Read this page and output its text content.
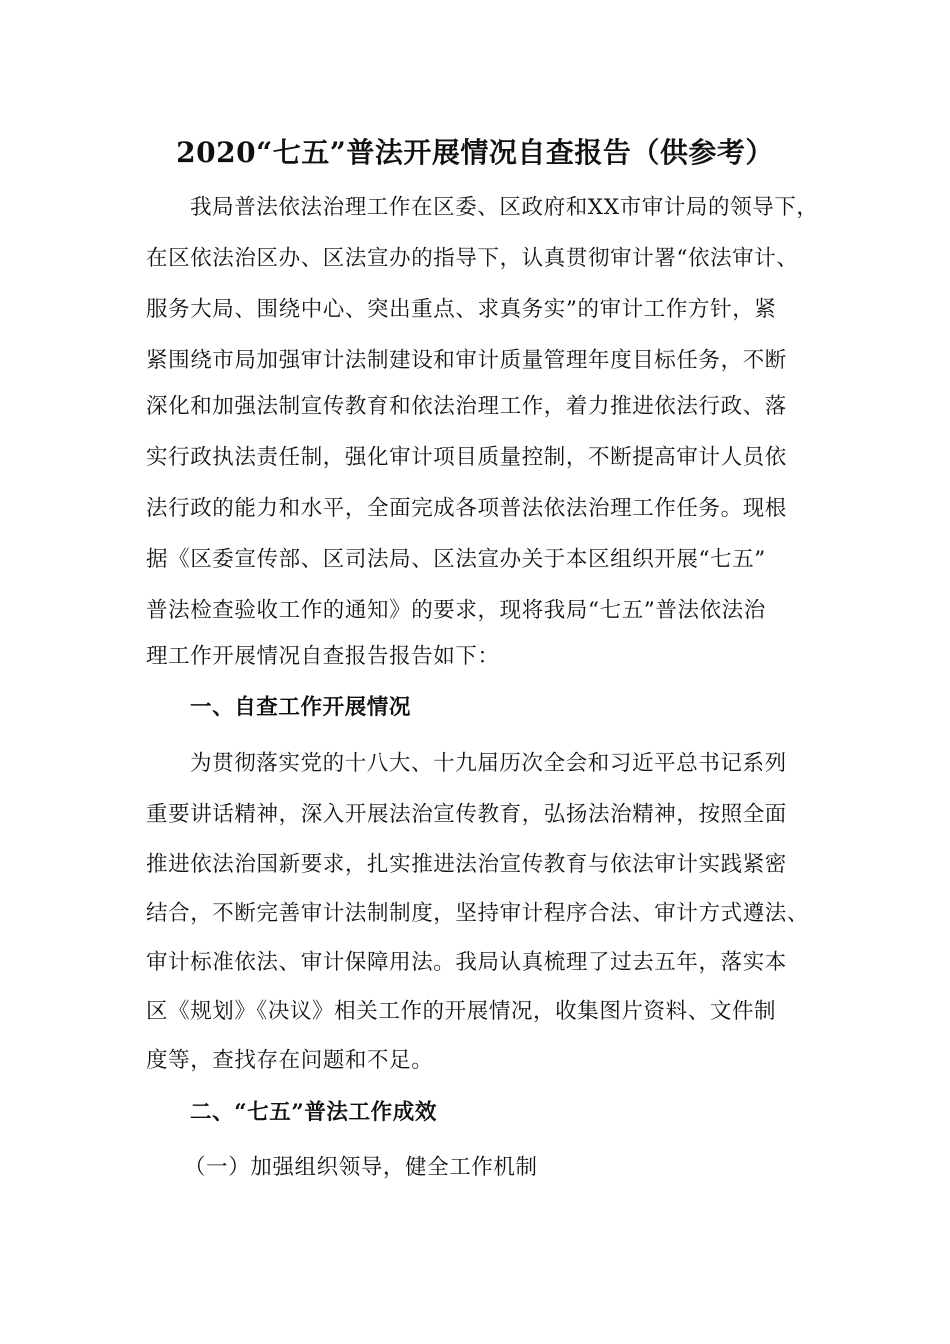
2020“七五”普法开展情况自查报告（供参考）
我局普法依法治理工作在区委、区政府和XX市审计局的领导下，
在区依法治区办、区法宣办的指导下，认真贯彻审计署“依法审计、
服务大局、围绕中心、突出重点、求真务实”的审计工作方针，紧
紧围绕市局加强审计法制建设和审计质量管理年度目标任务，不断
深化和加强法制宣传教育和依法治理工作，着力推进依法行政、落
实行政执法责任制，强化审计项目质量控制，不断提高审计人员依
法行政的能力和水平，全面完成各项普法依法治理工作任务。现根
据《区委宣传部、区司法局、区法宣办关于本区组织开展“七五”
普法检查验收工作的通知》的要求，现将我局“七五”普法依法治
理工作开展情况自查报告报告如下：
一、自查工作开展情况
为贯彻落实党的十八大、十九届历次全会和习近平总书记系列
重要讲话精神，深入开展法治宣传教育，弘扬法治精神，按照全面
推进依法治国新要求，扎实推进法治宣传教育与依法审计实践紧密
结合，不断完善审计法制制度，坚持审计程序合法、审计方式遵法、
审计标准依法、审计保障用法。我局认真梳理了过去五年，落实本
区《规划》《决议》相关工作的开展情况，收集图片资料、文件制
度等，查找存在问题和不足。
二、“七五”普法工作成效
（一）加强组织领导，健全工作机制
